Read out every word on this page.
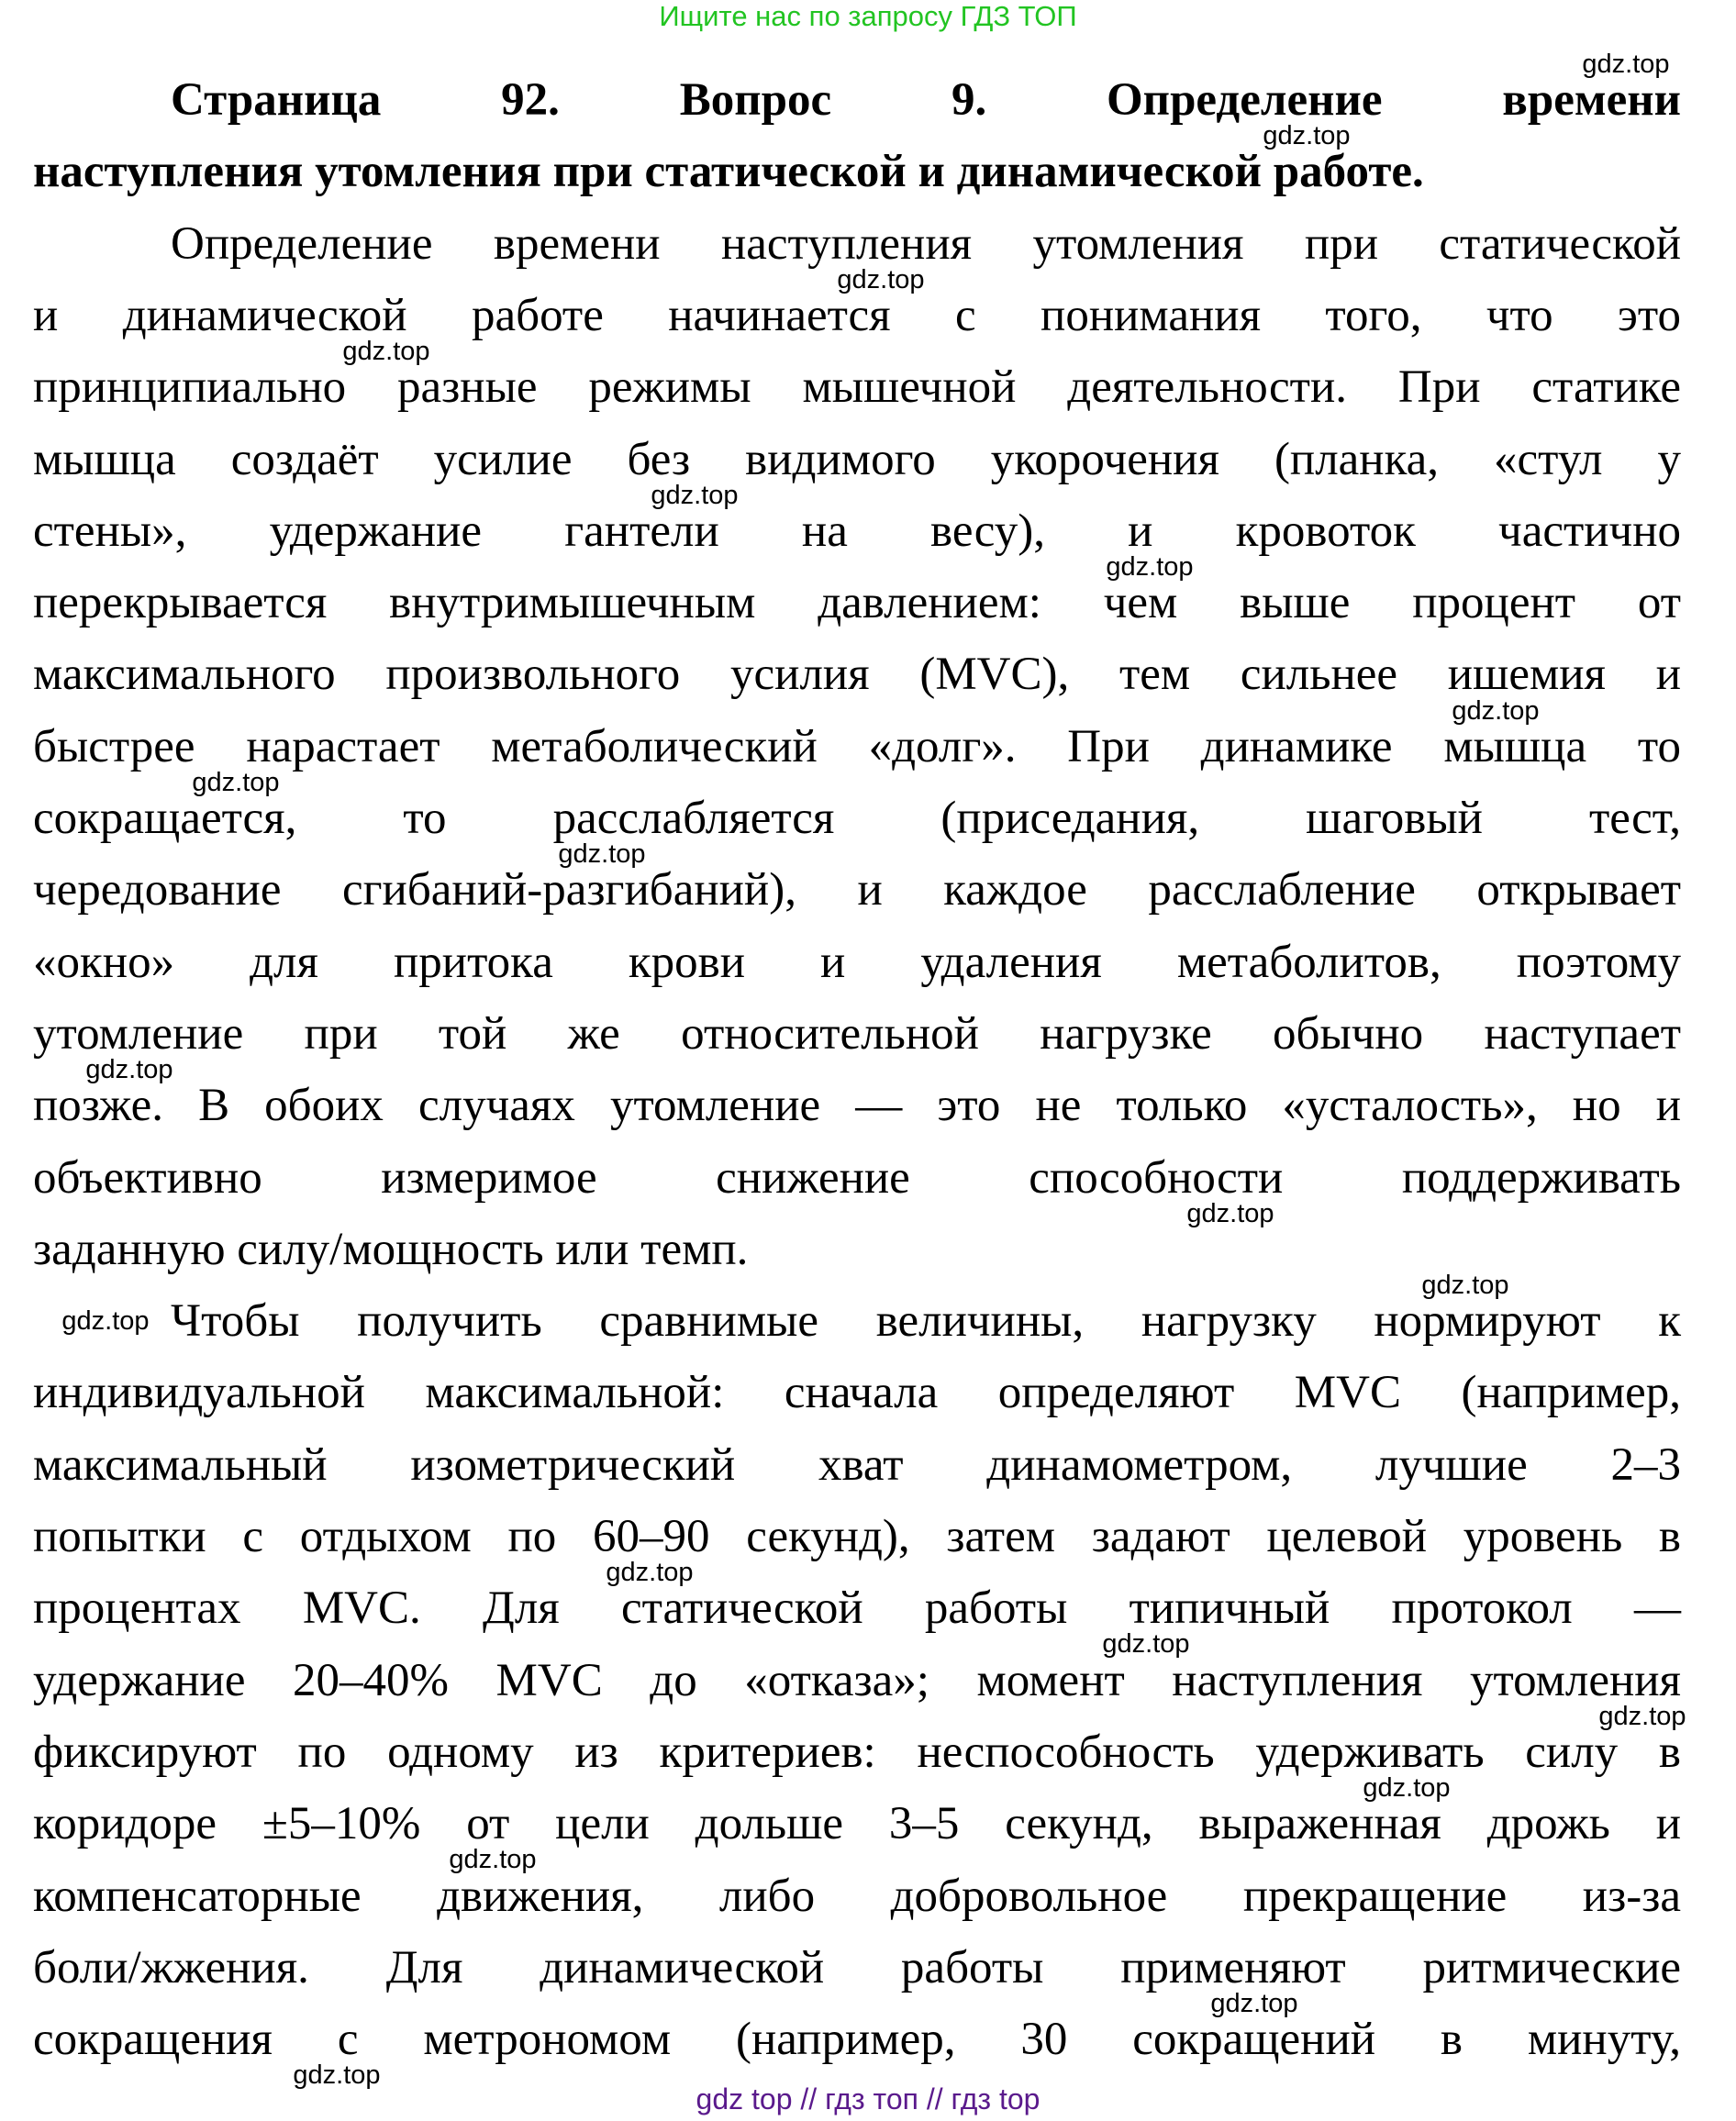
Ищите нас по запросу ГДЗ ТОП
Страница 92. Вопрос 9. Определение времени
наступления утомления при статической и динамической работе.
Определение времени наступления утомления при статической
и динамической работе начинается с понимания того, что это
принципиально разные режимы мышечной деятельности. При статике
мышца создаёт усилие без видимого укорочения (планка, «стул у
стены», удержание гантели на весу), и кровоток частично
перекрывается внутримышечным давлением: чем выше процент от
максимального произвольного усилия (MVC), тем сильнее ишемия и
быстрее нарастает метаболический «долг». При динамике мышца то
сокращается, то расслабляется (приседания, шаговый тест,
чередование сгибаний-разгибаний), и каждое расслабление открывает
«окно» для притока крови и удаления метаболитов, поэтому
утомление при той же относительной нагрузке обычно наступает
позже. В обоих случаях утомление — это не только «усталость», но и
объективно измеримое снижение способности поддерживать
заданную силу/мощность или темп.
Чтобы получить сравнимые величины, нагрузку нормируют к
индивидуальной максимальной: сначала определяют MVC (например,
максимальный изометрический хват динамометром, лучшие 2–3
попытки с отдыхом по 60–90 секунд), затем задают целевой уровень в
процентах MVC. Для статической работы типичный протокол —
удержание 20–40% MVC до «отказа»; момент наступления утомления
фиксируют по одному из критериев: неспособность удерживать силу в
коридоре ±5–10% от цели дольше 3–5 секунд, выраженная дрожь и
компенсаторные движения, либо добровольное прекращение из-за
боли/жжения. Для динамической работы применяют ритмические
сокращения с метрономом (например, 30 сокращений в минуту,
gdz.top
gdz.top
gdz.top
gdz.top
gdz.top
gdz.top
gdz.top
gdz.top
gdz.top
gdz.top
gdz.top
gdz.top
gdz.top
gdz.top
gdz.top
gdz.top
gdz.top
gdz.top
gdz.top
gdz.top
gdz top // гдз топ // гдз top
